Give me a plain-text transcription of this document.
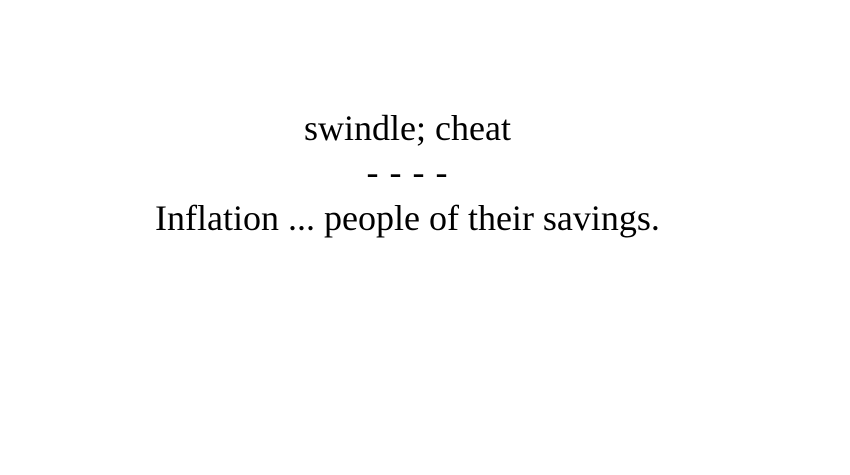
swindle; cheat
- - - -
Inflation ... people of their savings.
